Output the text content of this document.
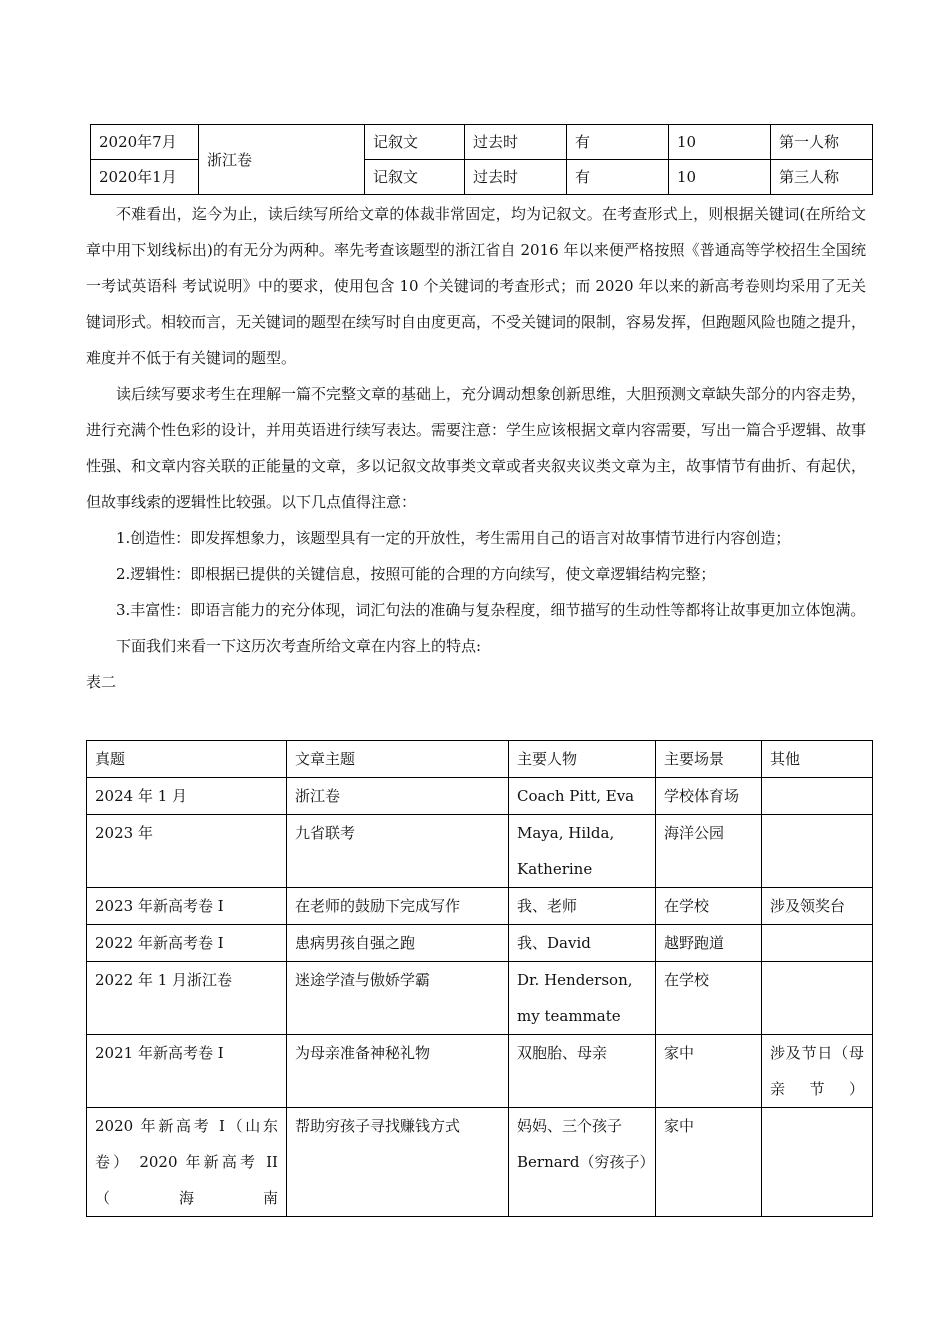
2020年7月	浙江卷	记叙文	过去时	有	10	第一人称
2020年1月		记叙文	过去时	有	10	第三人称

不难看出，迄今为止，读后续写所给文章的体裁非常固定，均为记叙文。在考查形式上，则根据关键词(在所给文章中用下划线标出)的有无分为两种。率先考查该题型的浙江省自 2016 年以来便严格按照《普通高等学校招生全国统一考试英语科 考试说明》中的要求，使用包含 10 个关键词的考查形式；而 2020 年以来的新高考卷则均采用了无关键词形式。相较而言，无关键词的题型在续写时自由度更高，不受关键词的限制，容易发挥，但跑题风险也随之提升，难度并不低于有关键词的题型。

读后续写要求考生在理解一篇不完整文章的基础上，充分调动想象创新思维，大胆预测文章缺失部分的内容走势，进行充满个性色彩的设计，并用英语进行续写表达。需要注意：学生应该根据文章内容需要，写出一篇合乎逻辑、故事性强、和文章内容关联的正能量的文章，多以记叙文故事类文章或者夹叙夹议类文章为主，故事情节有曲折、有起伏，但故事线索的逻辑性比较强。以下几点值得注意：

1.创造性：即发挥想象力，该题型具有一定的开放性，考生需用自己的语言对故事情节进行内容创造；

2.逻辑性：即根据已提供的关键信息，按照可能的合理的方向续写，使文章逻辑结构完整；

3.丰富性：即语言能力的充分体现，词汇句法的准确与复杂程度，细节描写的生动性等都将让故事更加立体饱满。

下面我们来看一下这历次考查所给文章在内容上的特点:

表二

真题	文章主题	主要人物	主要场景	其他
2024 年 1 月	浙江卷	Coach Pitt, Eva	学校体育场	
2023 年	九省联考	Maya, Hilda, Katherine	海洋公园	
2023 年新高考卷 I	在老师的鼓励下完成写作	我、老师	在学校	涉及领奖台
2022 年新高考卷 I	患病男孩自强之跑	我、David	越野跑道	
2022 年 1 月浙江卷	迷途学渣与傲娇学霸	Dr. Henderson, my teammate	在学校	
2021 年新高考卷 I	为母亲准备神秘礼物	双胞胎、母亲	家中	涉及节日（母亲节）
2020 年新高考 I（山东卷） 2020 年新高考 II（海南	帮助穷孩子寻找赚钱方式	妈妈、三个孩子 Bernard（穷孩子）	家中	
